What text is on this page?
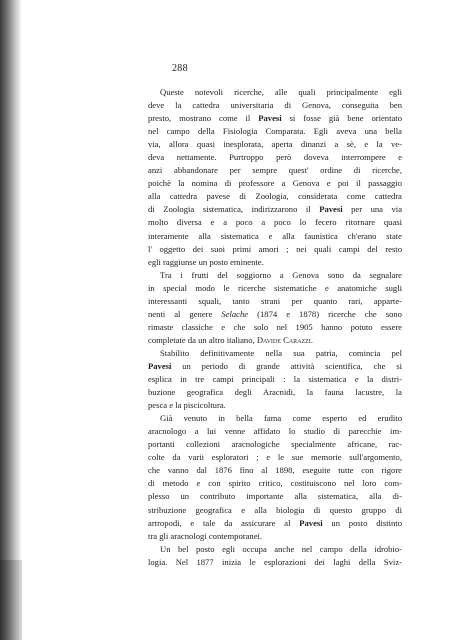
288
Queste notevoli ricerche, alle quali principalmente egli
deve la cattedra universitaria di Genova, conseguita ben
presto, mostrano come il Pavesi si fosse già bene orientato
nel campo della Fisiologia Comparata. Egli aveva una bella
via, allora quasi inesplorata, aperta dinanzi a sè, e la ve-
deva nettamente. Purtroppo però doveva interrompere e
anzi abbandonare per sempre quest' ordine di ricerche,
poichè la nomina di professore a Genova e poi il passaggio
alla cattedra pavese di Zoologia, considerata come cattedra
di Zoologia sistematica, indirizzarono il Pavesi per una via
molto diversa e a poco a poco lo fecero ritornare quasi
interamente alla sistematica e alla faunistica ch'erano state
l' oggetto dei suoi primi amori ; nei quali campi del resto
egli raggiunse un posto eminente.
Tra i frutti del soggiorno a Genova sono da segnalare
in special modo le ricerche sistematiche e anatomiche sugli
interessanti squali, tanto strani per quanto rari, apparte-
nenti al genere Selache (1874 e 1878) ricerche che sono
rimaste classiche e che solo nel 1905 hanno potuto essere
completate da un altro italiano, Davide Carazzi.
Stabilito definitivamente nella sua patria, comincia pel
Pavesi un periodo di grande attività scientifica, che si
esplica in tre campi principali : la sistematica e la distri-
buzione geografica degli Aracnidi, la fauna lacustre, la
pesca e la piscicoltura.
Già venuto in bella fama come esperto ed erudito
aracnologo a lui venne affidato lo studio di parecchie im-
portanti collezioni aracnologiche specialmente africane, rac-
colte da varii esploratori ; e le sue memorie sull'argomento,
che vanno dal 1876 fino al 1898, eseguite tutte con rigore
di metodo e con spirito critico, costituiscono nel loro com-
plesso un contributo importante alla sistematica, alla di-
stribuzione geografica e alla biologia di questo gruppo di
artropodi, e tale da assicurare al Pavesi un posto distinto
tra gli aracnologi contemporanei.
Un bel posto egli occupa anche nel campo della idrobio-
logia. Nel 1877 inizia le esplorazioni dei laghi della Sviz-
